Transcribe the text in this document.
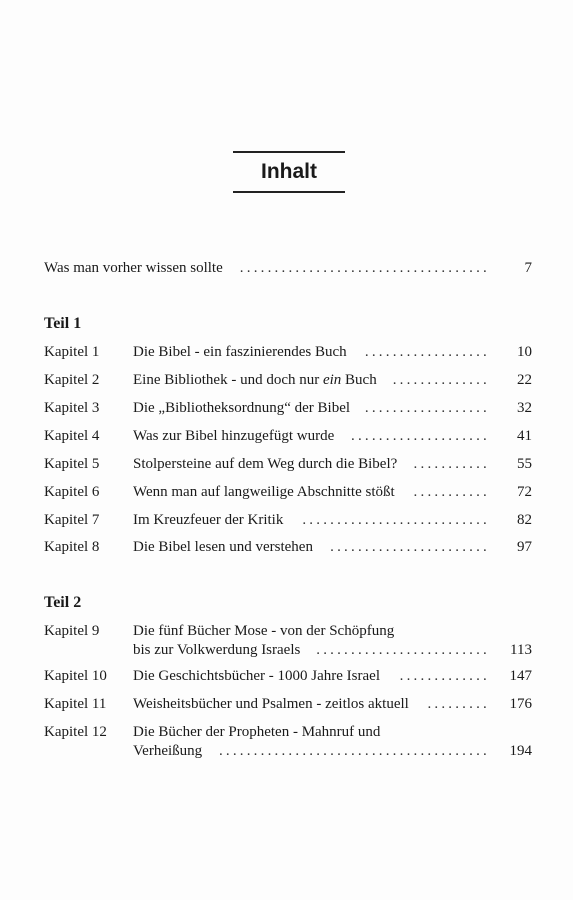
Inhalt
Was man vorher wissen sollte .................................... 7
Teil 1
Kapitel 1 Die Bibel - ein faszinierendes Buch .................. 10
Kapitel 2 Eine Bibliothek - und doch nur ein Buch .............. 22
Kapitel 3 Die „Bibliotheksordnung“ der Bibel .................. 32
Kapitel 4 Was zur Bibel hinzugefügt wurde .................... 41
Kapitel 5 Stolpersteine auf dem Weg durch die Bibel? ........... 55
Kapitel 6 Wenn man auf langweilige Abschnitte stößt	........... 72
Kapitel 7 Im Kreuzfeuer der Kritik	........................... 82
Kapitel 8 Die Bibel lesen und verstehen ....................... 97
Teil 2
Kapitel 9 Die fünf Bücher Mose - von der Schöpfung
bis zur Volkwerdung Israels ......................... 113
Kapitel 10 Die Geschichtsbücher - 1000 Jahre Israel	............. 147
Kapitel 11 Weisheitsbücher und Psalmen - zeitlos aktuell ......... 176
Kapitel 12 Die Bücher der Propheten - Mahnruf und
Verheißung ....................................... 194
